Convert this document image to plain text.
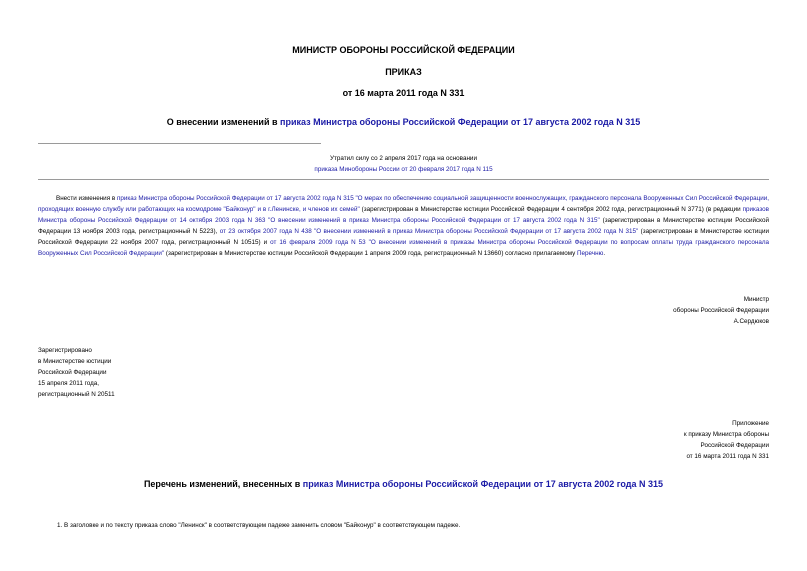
МИНИСТР ОБОРОНЫ РОССИЙСКОЙ ФЕДЕРАЦИИ
ПРИКАЗ
от 16 марта 2011 года N 331
О внесении изменений в приказ Министра обороны Российской Федерации от 17 августа 2002 года N 315
Утратил силу со 2 апреля 2017 года на основании
приказа Минобороны России от 20 февраля 2017 года N 115
Внести изменения в приказ Министра обороны Российской Федерации от 17 августа 2002 года N 315 "О мерах по обеспечению социальной защищенности военнослужащих, гражданского персонала Вооруженных Сил Российской Федерации, проходящих военную службу или работающих на космодроме "Байконур" и в г.Ленинске, и членов их семей" (зарегистрирован в Министерстве юстиции Российской Федерации 4 сентября 2002 года, регистрационный N 3771) (в редакции приказов Министра обороны Российской Федерации от 14 октября 2003 года N 363 "О внесении изменений в приказ Министра обороны Российской Федерации от 17 августа 2002 года N 315" (зарегистрирован в Министерстве юстиции Российской Федерации 13 ноября 2003 года, регистрационный N 5223), от 23 октября 2007 года N 438 "О внесении изменений в приказ Министра обороны Российской Федерации от 17 августа 2002 года N 315" (зарегистрирован в Министерстве юстиции Российской Федерации 22 ноября 2007 года, регистрационный N 10515) и от 16 февраля 2009 года N 53 "О внесении изменений в приказы Министра обороны Российской Федерации по вопросам оплаты труда гражданского персонала Вооруженных Сил Российской Федерации" (зарегистрирован в Министерстве юстиции Российской Федерации 1 апреля 2009 года, регистрационный N 13660) согласно прилагаемому Перечню.
Министр
обороны Российской Федерации
А.Сердюков
Зарегистрировано
в Министерстве юстиции
Российской Федерации
15 апреля 2011 года,
регистрационный N 20511
Приложение
к приказу Министра обороны
Российской Федерации
от 16 марта 2011 года N 331
Перечень изменений, внесенных в приказ Министра обороны Российской Федерации от 17 августа 2002 года N 315
1. В заголовке и по тексту приказа слово "Ленинск" в соответствующем падеже заменить словом "Байконур" в соответствующем падеже.
